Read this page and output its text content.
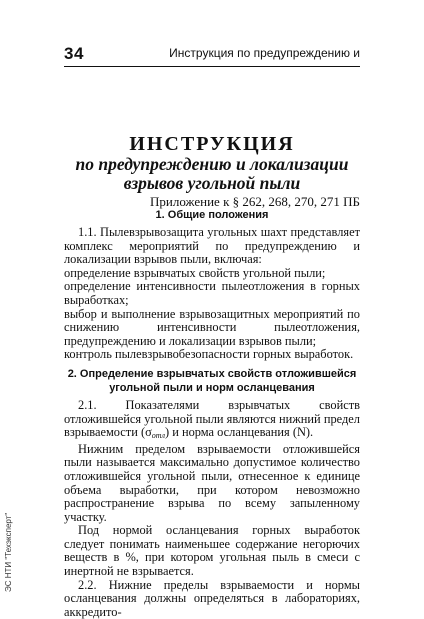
34	Инструкция по предупреждению и
ИНСТРУКЦИЯ
по предупреждению и локализации
взрывов угольной пыли
Приложение к § 262, 268, 270, 271 ПБ

1. Общие положения

1.1. Пылевзрывозащита угольных шахт представляет комплекс мероприятий по предупреждению и локализации взрывов пыли, включая:

определение взрывчатых свойств угольной пыли;

определение интенсивности пылеотложения в горных выработках;

выбор и выполнение взрывозащитных мероприятий по снижению интенсивности пылеотложения, предупреждению и локализации взрывов пыли;

контроль пылевзрывобезопасности горных выработок.

2. Определение взрывчатых свойств отложившейся
угольной пыли и норм осланцевания

2.1. Показателями взрывчатых свойств отложившейся угольной пыли являются нижний предел взрываемости $(\sigma_{отл})$ и норма осланцевания (N).

Нижним пределом взрываемости отложившейся пыли называется максимально допустимое количество отложившейся угольной пыли, отнесенное к единице объема выработки, при котором невозможно распространение взрыва по всему запыленному участку.

Под нормой осланцевания горных выработок следует понимать наименьшее содержание негорючих веществ в %, при котором угольная пыль в смеси с инертной не взрывается.

2.2. Нижние пределы взрываемости и нормы осланцевания должны определяться в лабораториях, аккредито-

ЭС НТИ "Техэксперт"
